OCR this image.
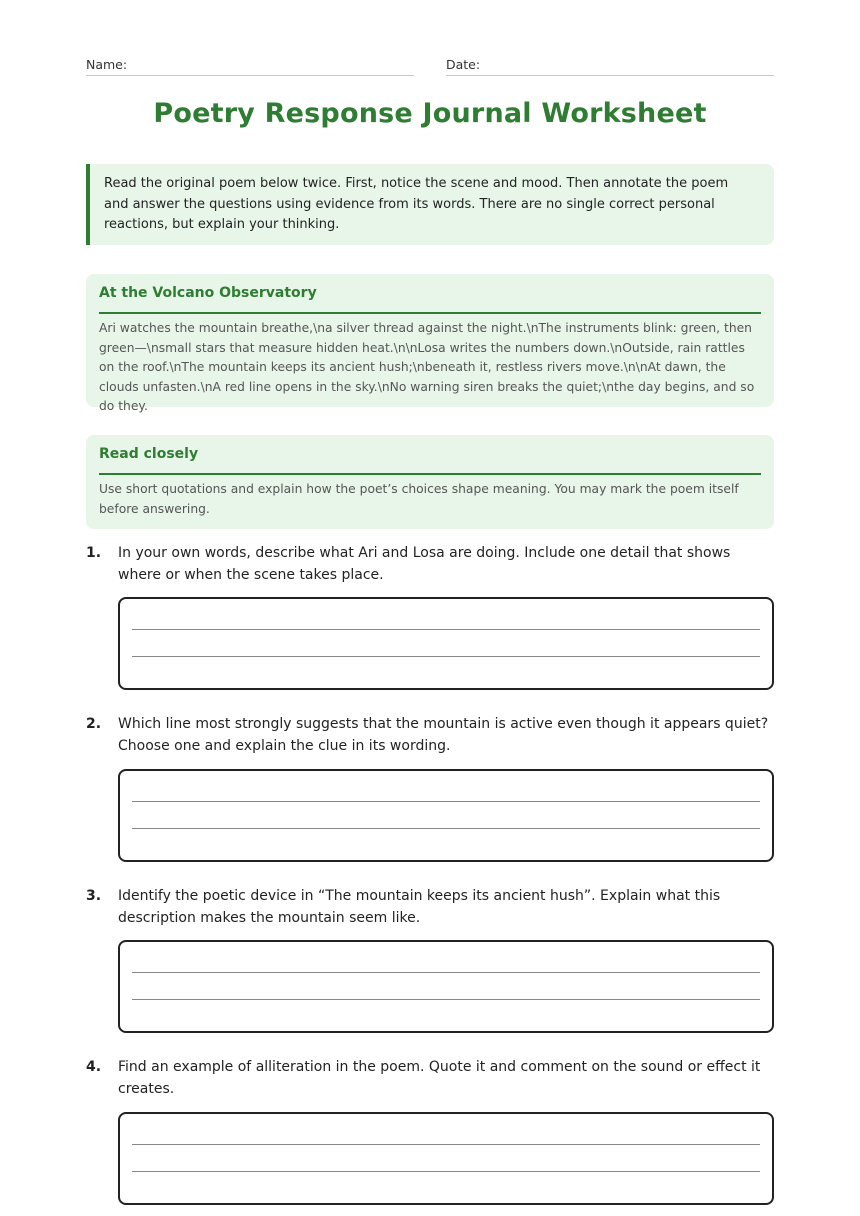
Name:	Date:
Poetry Response Journal Worksheet
Read the original poem below twice. First, notice the scene and mood. Then annotate the poem and answer the questions using evidence from its words. There are no single correct personal reactions, but explain your thinking.
At the Volcano Observatory
Ari watches the mountain breathe,\na silver thread against the night.\nThe instruments blink: green, then green—\nsmall stars that measure hidden heat.\n\nLosa writes the numbers down.\nOutside, rain rattles on the roof.\nThe mountain keeps its ancient hush;\nbeneath it, restless rivers move.\n\nAt dawn, the clouds unfasten.\nA red line opens in the sky.\nNo warning siren breaks the quiet;\nthe day begins, and so do they.
Read closely
Use short quotations and explain how the poet’s choices shape meaning. You may mark the poem itself before answering.
1.	In your own words, describe what Ari and Losa are doing. Include one detail that shows where or when the scene takes place.
2.	Which line most strongly suggests that the mountain is active even though it appears quiet? Choose one and explain the clue in its wording.
3.	Identify the poetic device in “The mountain keeps its ancient hush”. Explain what this description makes the mountain seem like.
4.	Find an example of alliteration in the poem. Quote it and comment on the sound or effect it creates.
